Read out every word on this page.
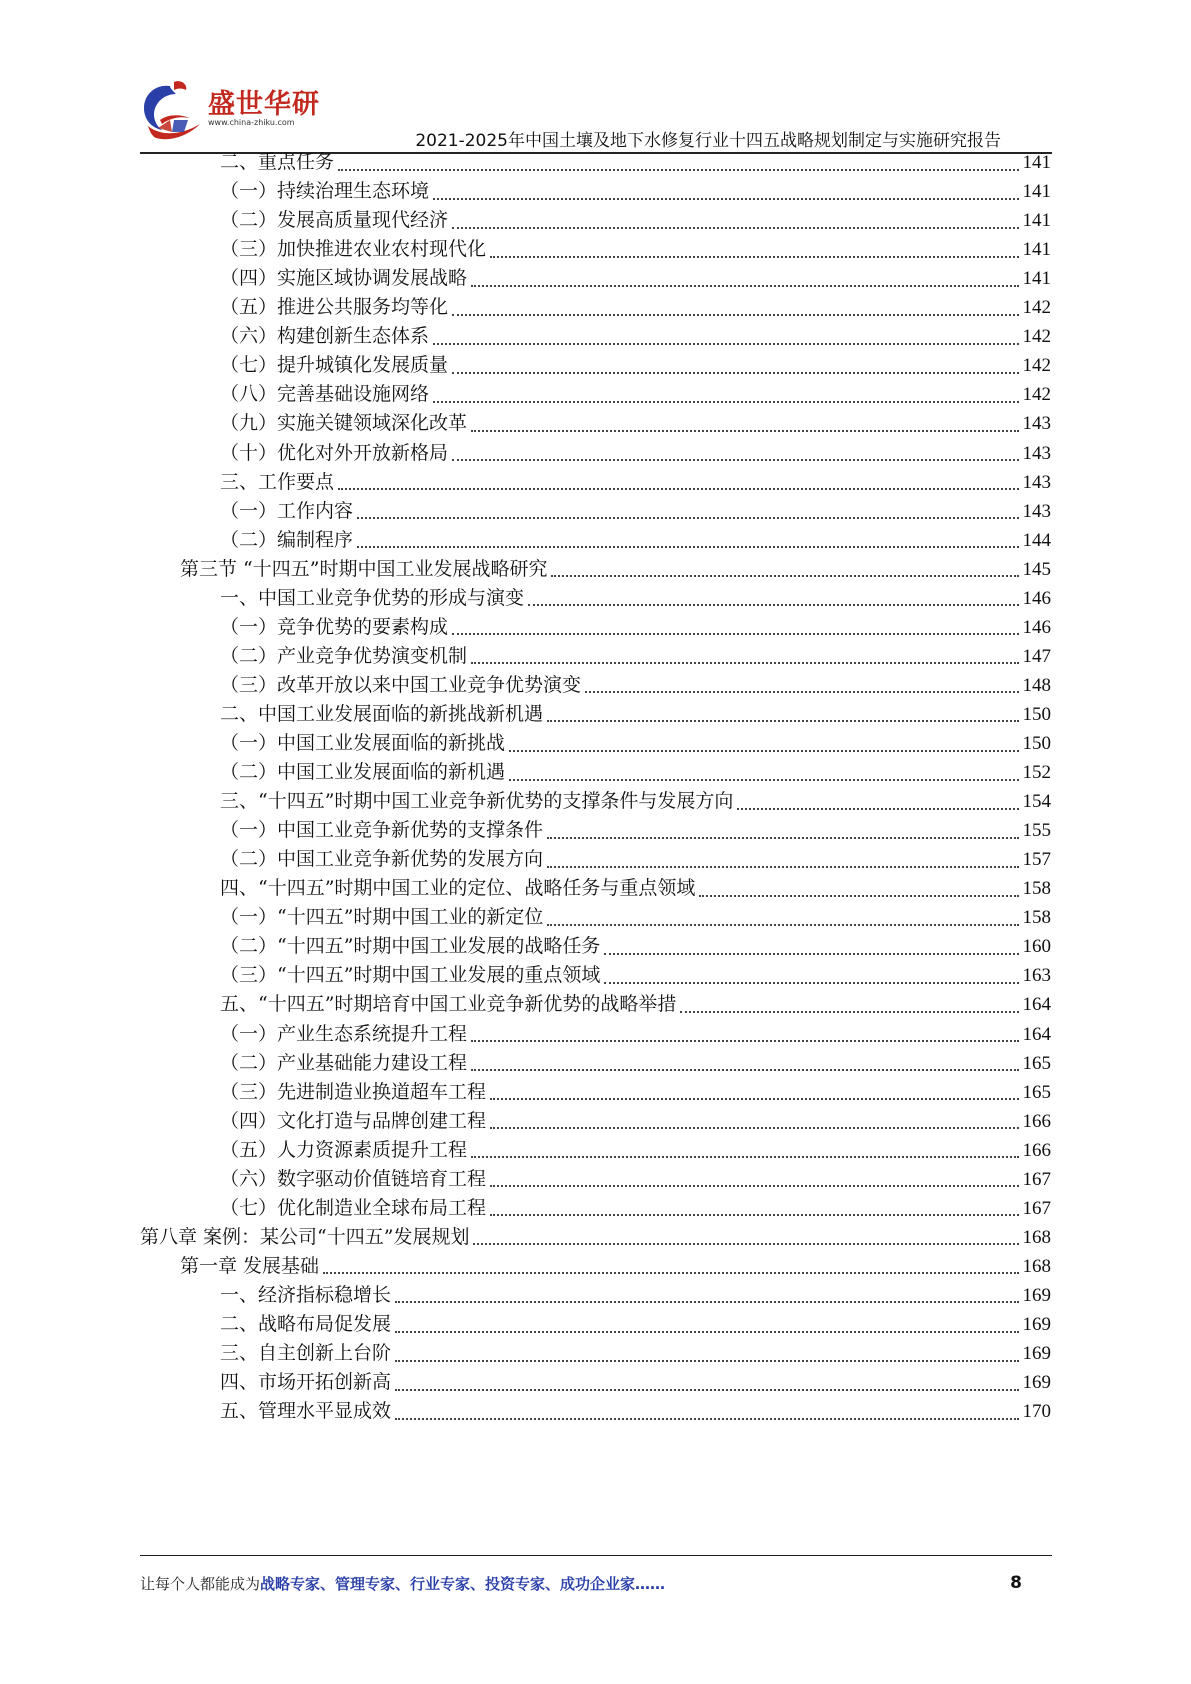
盛世华研
www.china-zhiku.com
2021-2025年中国土壤及地下水修复行业十四五战略规划制定与实施研究报告
二、重点任务	141
（一）持续治理生态环境	141
（二）发展高质量现代经济	141
（三）加快推进农业农村现代化	141
（四）实施区域协调发展战略	141
（五）推进公共服务均等化	142
（六）构建创新生态体系	142
（七）提升城镇化发展质量	142
（八）完善基础设施网络	142
（九）实施关键领域深化改革	143
（十）优化对外开放新格局	143
三、工作要点	143
（一）工作内容	143
（二）编制程序	144
第三节 “十四五”时期中国工业发展战略研究	145
一、中国工业竞争优势的形成与演变	146
（一）竞争优势的要素构成	146
（二）产业竞争优势演变机制	147
（三）改革开放以来中国工业竞争优势演变	148
二、中国工业发展面临的新挑战新机遇	150
（一）中国工业发展面临的新挑战	150
（二）中国工业发展面临的新机遇	152
三、“十四五”时期中国工业竞争新优势的支撑条件与发展方向	154
（一）中国工业竞争新优势的支撑条件	155
（二）中国工业竞争新优势的发展方向	157
四、“十四五”时期中国工业的定位、战略任务与重点领域	158
（一）“十四五”时期中国工业的新定位	158
（二）“十四五”时期中国工业发展的战略任务	160
（三）“十四五”时期中国工业发展的重点领域	163
五、“十四五”时期培育中国工业竞争新优势的战略举措	164
（一）产业生态系统提升工程	164
（二）产业基础能力建设工程	165
（三）先进制造业换道超车工程	165
（四）文化打造与品牌创建工程	166
（五）人力资源素质提升工程	166
（六）数字驱动价值链培育工程	167
（七）优化制造业全球布局工程	167
第八章 案例：某公司“十四五”发展规划	168
第一章 发展基础	168
一、经济指标稳增长	169
二、战略布局促发展	169
三、自主创新上台阶	169
四、市场开拓创新高	169
五、管理水平显成效	170
让每个人都能成为战略专家、管理专家、行业专家、投资专家、成功企业家……	8
